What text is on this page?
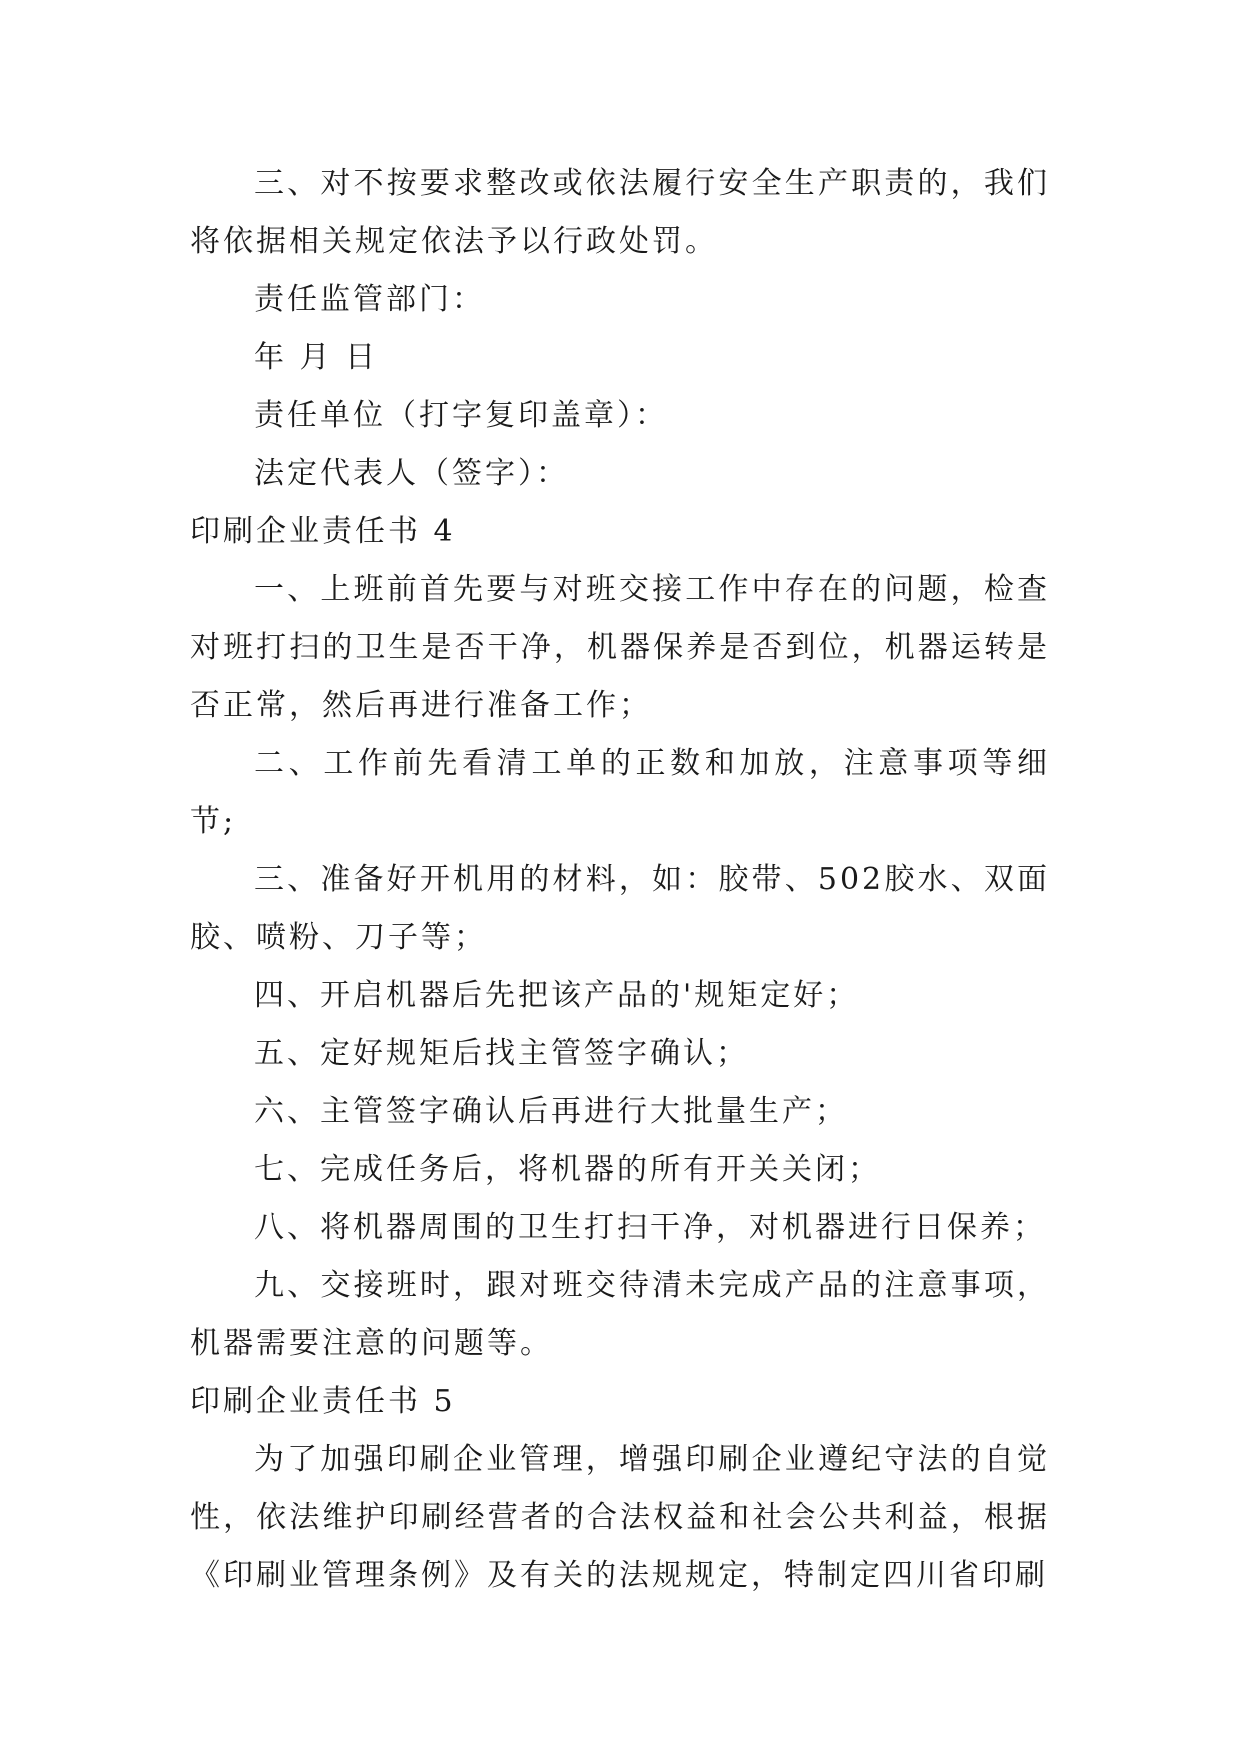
三、对不按要求整改或依法履行安全生产职责的，我们将依据相关规定依法予以行政处罚。

责任监管部门：

年 月 日

责任单位（打字复印盖章）：

法定代表人（签字）：

印刷企业责任书 4

一、上班前首先要与对班交接工作中存在的问题，检查对班打扫的卫生是否干净，机器保养是否到位，机器运转是否正常，然后再进行准备工作；

二、工作前先看清工单的正数和加放，注意事项等细节;

三、准备好开机用的材料，如：胶带、502胶水、双面胶、喷粉、刀子等；

四、开启机器后先把该产品的'规矩定好；

五、定好规矩后找主管签字确认；

六、主管签字确认后再进行大批量生产；

七、完成任务后，将机器的所有开关关闭；

八、将机器周围的卫生打扫干净，对机器进行日保养；

九、交接班时，跟对班交待清未完成产品的注意事项，机器需要注意的问题等。

印刷企业责任书 5

为了加强印刷企业管理，增强印刷企业遵纪守法的自觉性，依法维护印刷经营者的合法权益和社会公共利益，根据《印刷业管理条例》及有关的法规规定，特制定四川省印刷
